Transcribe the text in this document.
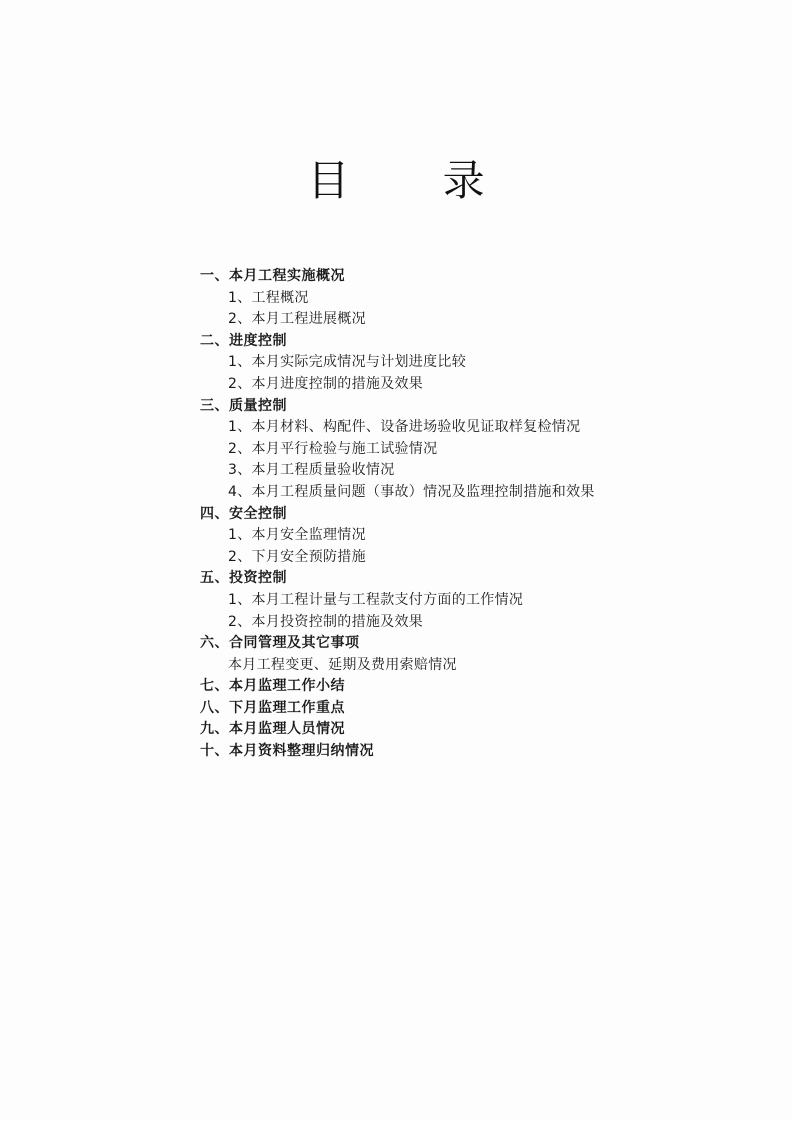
目 录
一、本月工程实施概况
1、工程概况
2、本月工程进展概况
二、进度控制
1、本月实际完成情况与计划进度比较
2、本月进度控制的措施及效果
三、质量控制
1、本月材料、构配件、设备进场验收见证取样复检情况
2、本月平行检验与施工试验情况
3、本月工程质量验收情况
4、本月工程质量问题（事故）情况及监理控制措施和效果
四、安全控制
1、本月安全监理情况
2、下月安全预防措施
五、投资控制
1、本月工程计量与工程款支付方面的工作情况
2、本月投资控制的措施及效果
六、合同管理及其它事项
本月工程变更、延期及费用索赔情况
七、本月监理工作小结
八、下月监理工作重点
九、本月监理人员情况
十、本月资料整理归纳情况
